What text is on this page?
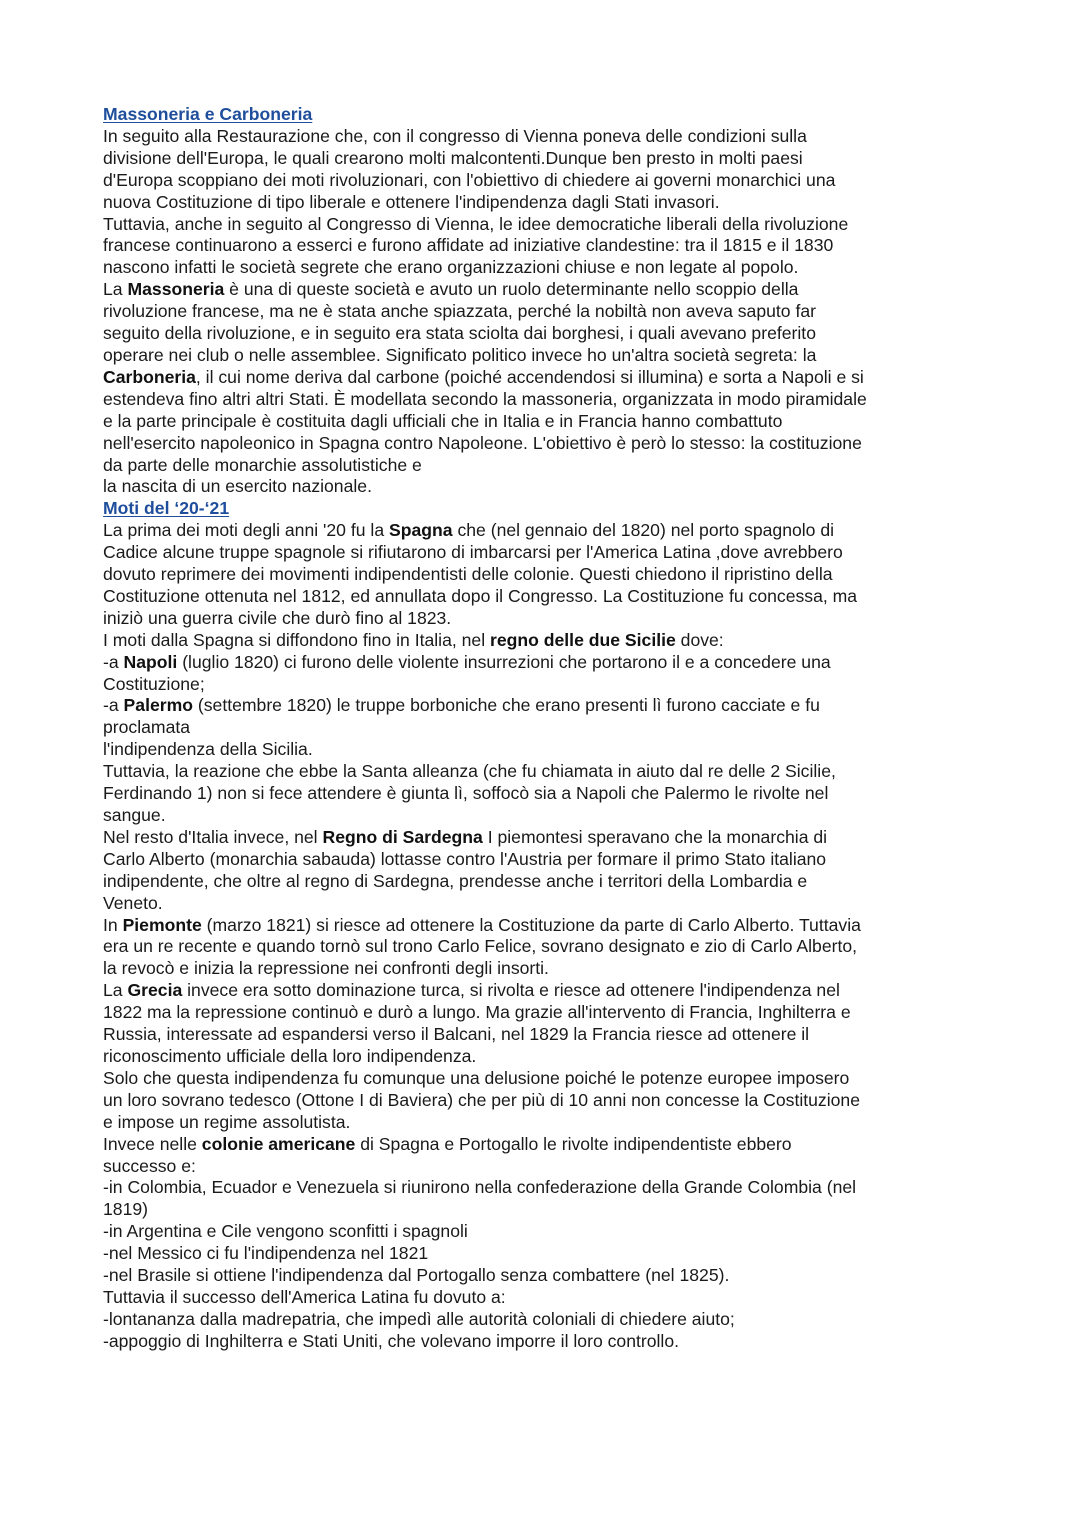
Massoneria e Carboneria
In seguito alla Restaurazione che, con il congresso di Vienna poneva delle condizioni sulla
divisione dell'Europa, le quali crearono molti malcontenti.Dunque ben presto in molti paesi
d'Europa scoppiano dei moti rivoluzionari, con l'obiettivo di chiedere ai governi monarchici una
nuova Costituzione di tipo liberale e ottenere l'indipendenza dagli Stati invasori.
Tuttavia, anche in seguito al Congresso di Vienna, le idee democratiche liberali della rivoluzione
francese continuarono a esserci e furono affidate ad iniziative clandestine: tra il 1815 e il 1830
nascono infatti le società segrete che erano organizzazioni chiuse e non legate al popolo.
La Massoneria è una di queste società e avuto un ruolo determinante nello scoppio della
rivoluzione francese, ma ne è stata anche spiazzata, perché la nobiltà non aveva saputo far
seguito della rivoluzione, e in seguito era stata sciolta dai borghesi, i quali avevano preferito
operare nei club o nelle assemblee. Significato politico invece ho un'altra società segreta: la
Carboneria, il cui nome deriva dal carbone (poiché accendendosi si illumina) e sorta a Napoli e si
estendeva fino altri altri Stati. È modellata secondo la massoneria, organizzata in modo piramidale
e la parte principale è costituita dagli ufficiali che in Italia e in Francia hanno combattuto
nell'esercito napoleonico in Spagna contro Napoleone. L'obiettivo è però lo stesso: la costituzione
da parte delle monarchie assolutistiche e
la nascita di un esercito nazionale.
Moti del ‘20-‘21
La prima dei moti degli anni '20 fu la Spagna che (nel gennaio del 1820) nel porto spagnolo di
Cadice alcune truppe spagnole si rifiutarono di imbarcarsi per l'America Latina ,dove avrebbero
dovuto reprimere dei movimenti indipendentisti delle colonie. Questi chiedono il ripristino della
Costituzione ottenuta nel 1812, ed annullata dopo il Congresso. La Costituzione fu concessa, ma
iniziò una guerra civile che durò fino al 1823.
I moti dalla Spagna si diffondono fino in Italia, nel regno delle due Sicilie dove:
-a Napoli (luglio 1820) ci furono delle violente insurrezioni che portarono il e a concedere una
Costituzione;
-a Palermo (settembre 1820) le truppe borboniche che erano presenti lì furono cacciate e fu
proclamata
l'indipendenza della Sicilia.
Tuttavia, la reazione che ebbe la Santa alleanza (che fu chiamata in aiuto dal re delle 2 Sicilie,
Ferdinando 1) non si fece attendere è giunta lì, soffocò sia a Napoli che Palermo le rivolte nel
sangue.
Nel resto d'Italia invece, nel Regno di Sardegna I piemontesi speravano che la monarchia di
Carlo Alberto (monarchia sabauda) lottasse contro l'Austria per formare il primo Stato italiano
indipendente, che oltre al regno di Sardegna, prendesse anche i territori della Lombardia e
Veneto.
In Piemonte (marzo 1821) si riesce ad ottenere la Costituzione da parte di Carlo Alberto. Tuttavia
era un re recente e quando tornò sul trono Carlo Felice, sovrano designato e zio di Carlo Alberto,
la revocò e inizia la repressione nei confronti degli insorti.
La Grecia invece era sotto dominazione turca, si rivolta e riesce ad ottenere l'indipendenza nel
1822 ma la repressione continuò e durò a lungo. Ma grazie all'intervento di Francia, Inghilterra e
Russia, interessate ad espandersi verso il Balcani, nel 1829 la Francia riesce ad ottenere il
riconoscimento ufficiale della loro indipendenza.
Solo che questa indipendenza fu comunque una delusione poiché le potenze europee imposero
un loro sovrano tedesco (Ottone I di Baviera) che per più di 10 anni non concesse la Costituzione
e impose un regime assolutista.
Invece nelle colonie americane di Spagna e Portogallo le rivolte indipendentiste ebbero
successo e:
-in Colombia, Ecuador e Venezuela si riunirono nella confederazione della Grande Colombia (nel
1819)
-in Argentina e Cile vengono sconfitti i spagnoli
-nel Messico ci fu l'indipendenza nel 1821
-nel Brasile si ottiene l'indipendenza dal Portogallo senza combattere (nel 1825).
Tuttavia il successo dell'America Latina fu dovuto a:
-lontananza dalla madrepatria, che impedì alle autorità coloniali di chiedere aiuto;
-appoggio di Inghilterra e Stati Uniti, che volevano imporre il loro controllo.
